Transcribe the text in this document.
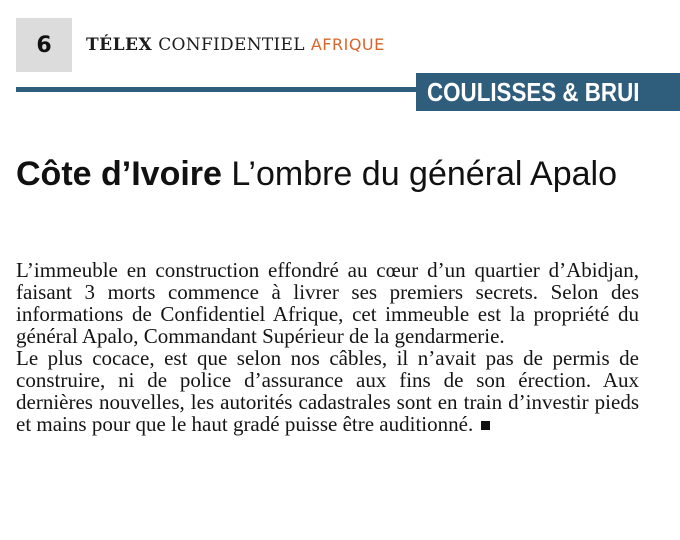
6 TÉLEX CONFIDENTIEL AFRIQUE
COULISSES & BRUI
Côte d’Ivoire L’ombre du général Apalo

L’immeuble en construction effondré au cœur d’un quartier d’Abidjan, faisant 3 morts commence à livrer ses premiers secrets. Selon des informations de Confidentiel Afrique, cet immeuble est la propriété du général Apalo, Commandant Supérieur de la gendarmerie.

Le plus cocace, est que selon nos câbles, il n’avait pas de permis de construire, ni de police d’assurance aux fins de son érection. Aux dernières nouvelles, les autorités cadastrales sont en train d’investir pieds et mains pour que le haut gradé puisse être auditionné.
